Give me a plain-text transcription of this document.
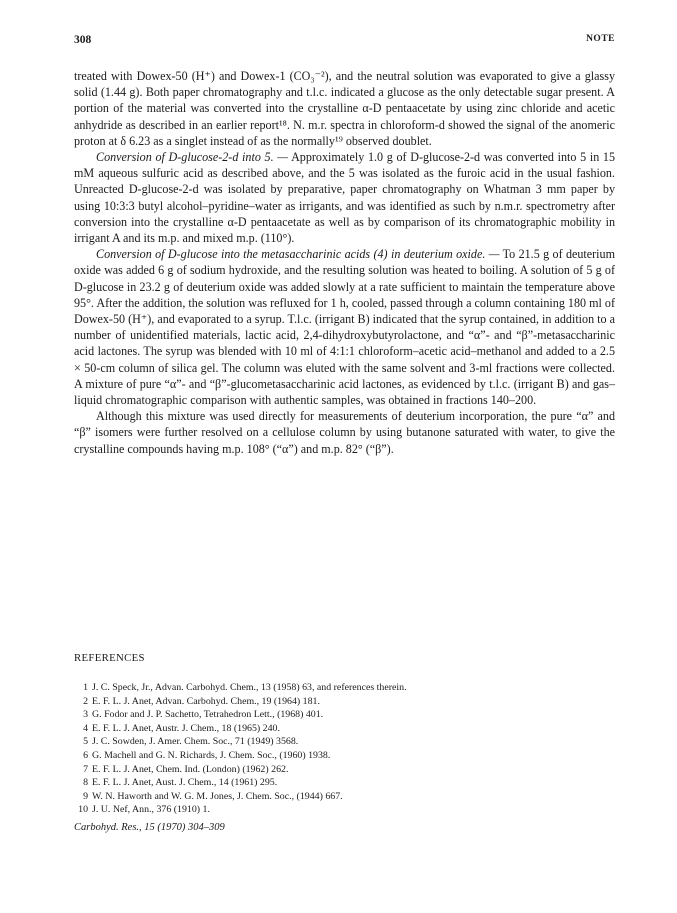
308	NOTE

treated with Dowex-50 (H⁺) and Dowex-1 (CO₃⁻²), and the neutral solution was evaporated to give a glassy solid (1.44 g). Both paper chromatography and t.l.c. indicated a glucose as the only detectable sugar present. A portion of the material was converted into the crystalline α-D pentaacetate by using zinc chloride and acetic anhydride as described in an earlier report¹⁸. N. m.r. spectra in chloroform-d showed the signal of the anomeric proton at δ 6.23 as a singlet instead of as the normally¹⁹ observed doublet.

Conversion of D-glucose-2-d into 5. — Approximately 1.0 g of D-glucose-2-d was converted into 5 in 15 mM aqueous sulfuric acid as described above, and the 5 was isolated as the furoic acid in the usual fashion. Unreacted D-glucose-2-d was isolated by preparative, paper chromatography on Whatman 3 mm paper by using 10:3:3 butyl alcohol–pyridine–water as irrigants, and was identified as such by n.m.r. spectrometry after conversion into the crystalline α-D pentaacetate as well as by comparison of its chromatographic mobility in irrigant A and its m.p. and mixed m.p. (110°).

Conversion of D-glucose into the metasaccharinic acids (4) in deuterium oxide. — To 21.5 g of deuterium oxide was added 6 g of sodium hydroxide, and the resulting solution was heated to boiling. A solution of 5 g of D-glucose in 23.2 g of deuterium oxide was added slowly at a rate sufficient to maintain the temperature above 95°. After the addition, the solution was refluxed for 1 h, cooled, passed through a column containing 180 ml of Dowex-50 (H⁺), and evaporated to a syrup. T.l.c. (irrigant B) indicated that the syrup contained, in addition to a number of unidentified materials, lactic acid, 2,4-dihydroxybutyrolactone, and “α”- and “β”-metasaccharinic acid lactones. The syrup was blended with 10 ml of 4:1:1 chloroform–acetic acid–methanol and added to a 2.5 × 50-cm column of silica gel. The column was eluted with the same solvent and 3-ml fractions were collected. A mixture of pure “α”- and “β”-glucometasaccharinic acid lactones, as evidenced by t.l.c. (irrigant B) and gas–liquid chromatographic comparison with authentic samples, was obtained in fractions 140–200.

Although this mixture was used directly for measurements of deuterium incorporation, the pure “α” and “β” isomers were further resolved on a cellulose column by using butanone saturated with water, to give the crystalline compounds having m.p. 108° (“α”) and m.p. 82° (“β”).

REFERENCES
1 J. C. Speck, Jr., Advan. Carbohyd. Chem., 13 (1958) 63, and references therein.
2 E. F. L. J. Anet, Advan. Carbohyd. Chem., 19 (1964) 181.
3 G. Fodor and J. P. Sachetto, Tetrahedron Lett., (1968) 401.
4 E. F. L. J. Anet, Austr. J. Chem., 18 (1965) 240.
5 J. C. Sowden, J. Amer. Chem. Soc., 71 (1949) 3568.
6 G. Machell and G. N. Richards, J. Chem. Soc., (1960) 1938.
7 E. F. L. J. Anet, Chem. Ind. (London) (1962) 262.
8 E. F. L. J. Anet, Aust. J. Chem., 14 (1961) 295.
9 W. N. Haworth and W. G. M. Jones, J. Chem. Soc., (1944) 667.
10 J. U. Nef, Ann., 376 (1910) 1.
Carbohyd. Res., 15 (1970) 304–309
